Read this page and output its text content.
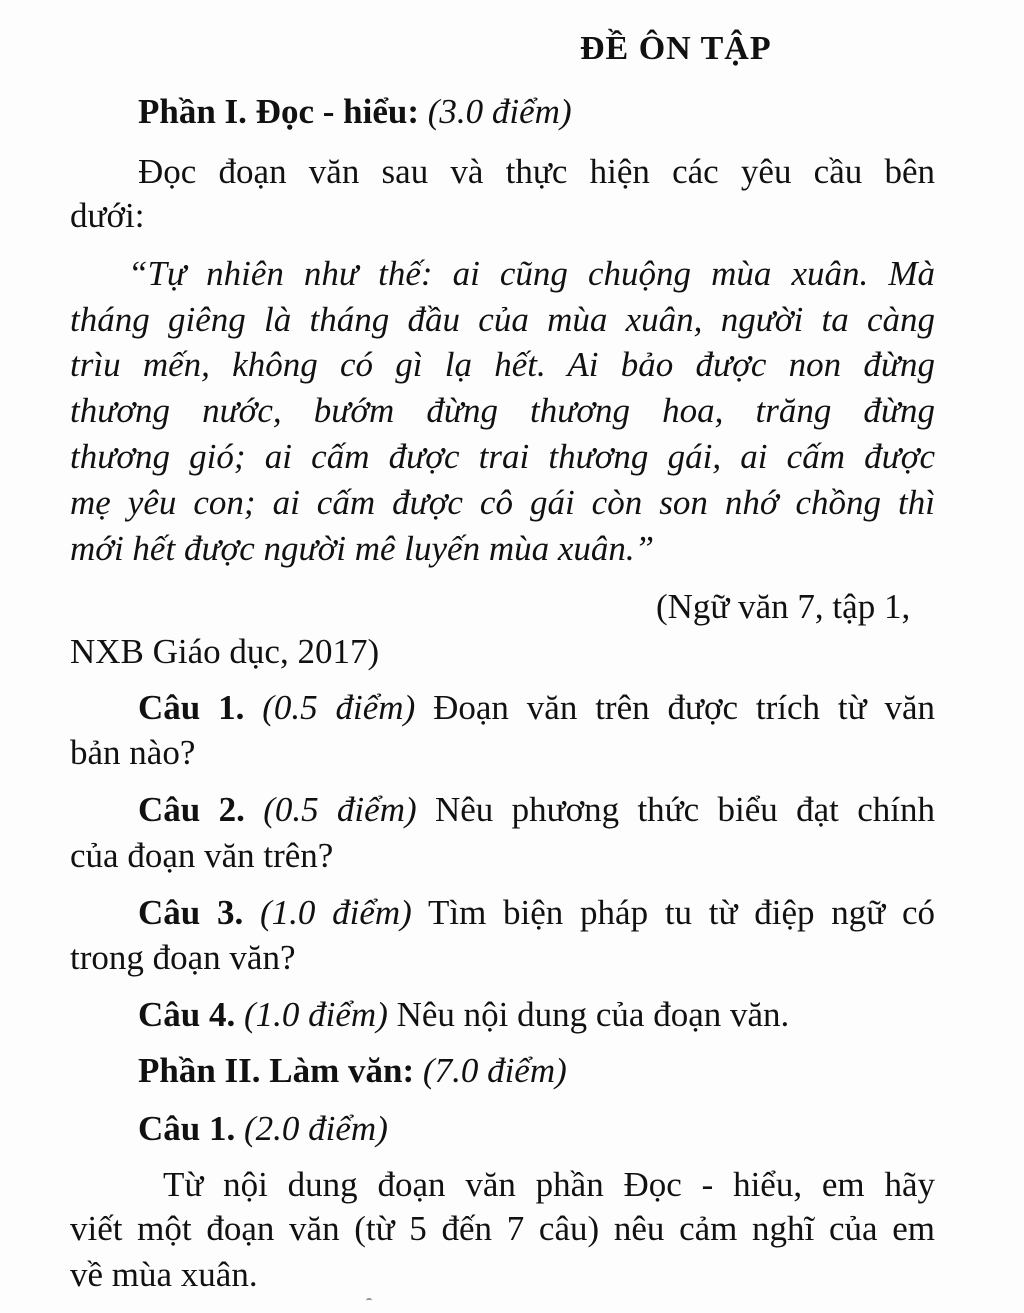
ĐỀ ÔN TẬP
Phần I. Đọc - hiểu: (3.0 điểm)
Đọc đoạn văn sau và thực hiện các yêu cầu bên
dưới:
“Tự nhiên như thế: ai cũng chuộng mùa xuân. Mà
tháng giêng là tháng đầu của mùa xuân, người ta càng
trìu mến, không có gì lạ hết. Ai bảo được non đừng
thương nước, bướm đừng thương hoa, trăng đừng
thương gió; ai cấm được trai thương gái, ai cấm được
mẹ yêu con; ai cấm được cô gái còn son nhớ chồng thì
mới hết được người mê luyến mùa xuân.”
(Ngữ văn 7, tập 1,
NXB Giáo dục, 2017)
Câu 1. (0.5 điểm) Đoạn văn trên được trích từ văn
bản nào?
Câu 2. (0.5 điểm) Nêu phương thức biểu đạt chính
của đoạn văn trên?
Câu 3. (1.0 điểm) Tìm biện pháp tu từ điệp ngữ có
trong đoạn văn?
Câu 4. (1.0 điểm) Nêu nội dung của đoạn văn.
Phần II. Làm văn: (7.0 điểm)
Câu 1. (2.0 điểm)
Từ nội dung đoạn văn phần Đọc - hiểu, em hãy
viết một đoạn văn (từ 5 đến 7 câu) nêu cảm nghĩ của em
về mùa xuân.
